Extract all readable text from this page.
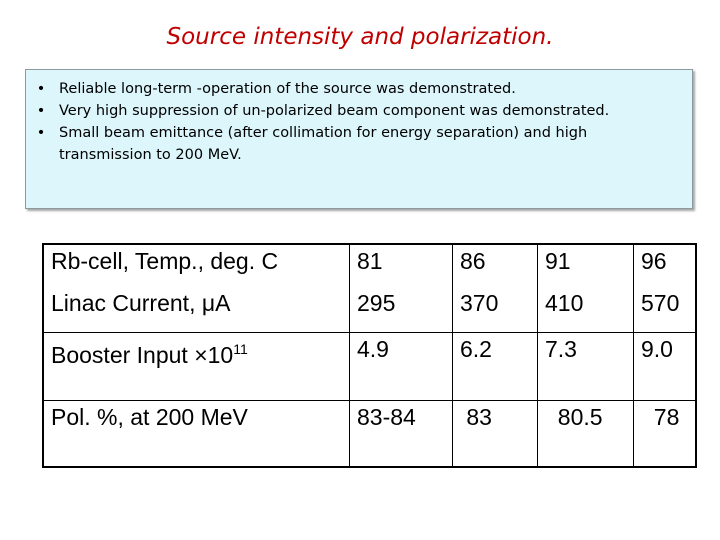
Source intensity and polarization.
• Reliable long-term -operation of the source was demonstrated.
• Very high suppression of un-polarized beam component was demonstrated.
• Small beam emittance (after collimation for energy separation) and high transmission to 200 MeV.
Rb-cell, Temp., deg. C	81	86	91	96
Linac Current, μA	295	370	410	570
Booster Input $\times 10^{11}$	4.9	6.2	7.3	9.0
Pol. %, at 200 MeV	83-84	83	80.5	78
